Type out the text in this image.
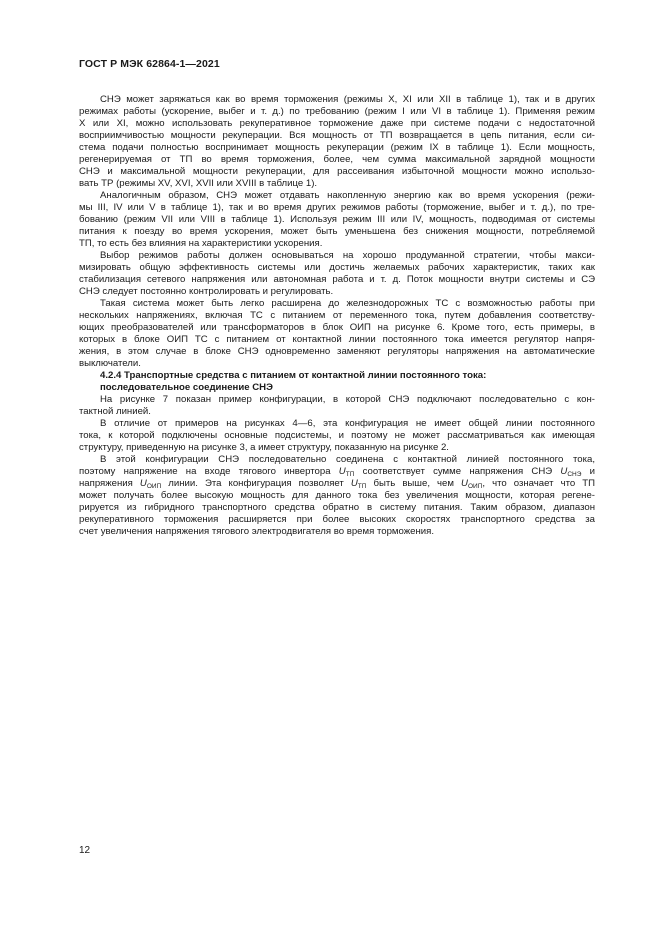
ГОСТ Р МЭК 62864-1—2021
СНЭ может заряжаться как во время торможения (режимы X, XI или XII в таблице 1), так и в других
режимах работы (ускорение, выбег и т. д.) по требованию (режим I или VI в таблице 1). Применяя режим
X или XI, можно использовать рекуперативное торможение даже при системе подачи с недостаточной
восприимчивостью мощности рекуперации. Вся мощность от ТП возвращается в цепь питания, если си-
стема подачи полностью воспринимает мощность рекуперации (режим IX в таблице 1). Если мощность,
регенерируемая от ТП во время торможения, более, чем сумма максимальной зарядной мощности
СНЭ и максимальной мощности рекуперации, для рассеивания избыточной мощности можно использо-
вать ТР (режимы XV, XVI, XVII или XVIII в таблице 1).
Аналогичным образом, СНЭ может отдавать накопленную энергию как во время ускорения (режи-
мы III, IV или V в таблице 1), так и во время других режимов работы (торможение, выбег и т. д.), по тре-
бованию (режим VII или VIII в таблице 1). Используя режим III или IV, мощность, подводимая от системы
питания к поезду во время ускорения, может быть уменьшена без снижения мощности, потребляемой
ТП, то есть без влияния на характеристики ускорения.
Выбор режимов работы должен основываться на хорошо продуманной стратегии, чтобы макси-
мизировать общую эффективность системы или достичь желаемых рабочих характеристик, таких как
стабилизация сетевого напряжения или автономная работа и т. д. Поток мощности внутри системы и СЭ
СНЭ следует постоянно контролировать и регулировать.
Такая система может быть легко расширена до железнодорожных ТС с возможностью работы при
нескольких напряжениях, включая ТС с питанием от переменного тока, путем добавления соответству-
ющих преобразователей или трансформаторов в блок ОИП на рисунке 6. Кроме того, есть примеры, в
которых в блоке ОИП ТС с питанием от контактной линии постоянного тока имеется регулятор напря-
жения, в этом случае в блоке СНЭ одновременно заменяют регуляторы напряжения на автоматические
выключатели.
4.2.4 Транспортные средства с питанием от контактной линии постоянного тока:
последовательное соединение СНЭ
На рисунке 7 показан пример конфигурации, в которой СНЭ подключают последовательно с кон-
тактной линией.
В отличие от примеров на рисунках 4—6, эта конфигурация не имеет общей линии постоянного
тока, к которой подключены основные подсистемы, и поэтому не может рассматриваться как имеющая
структуру, приведенную на рисунке 3, а имеет структуру, показанную на рисунке 2.
В этой конфигурации СНЭ последовательно соединена с контактной линией постоянного тока,
поэтому напряжение на входе тягового инвертора $U_{ТП}$ соответствует сумме напряжения СНЭ $U_{СНЭ}$ и
напряжения $U_{ОИП}$ линии. Эта конфигурация позволяет $U_{ТП}$ быть выше, чем $U_{ОИП}$, что означает что ТП
может получать более высокую мощность для данного тока без увеличения мощности, которая регене-
рируется из гибридного транспортного средства обратно в систему питания. Таким образом, диапазон
рекуперативного торможения расширяется при более высоких скоростях транспортного средства за
счет увеличения напряжения тягового электродвигателя во время торможения.
12
